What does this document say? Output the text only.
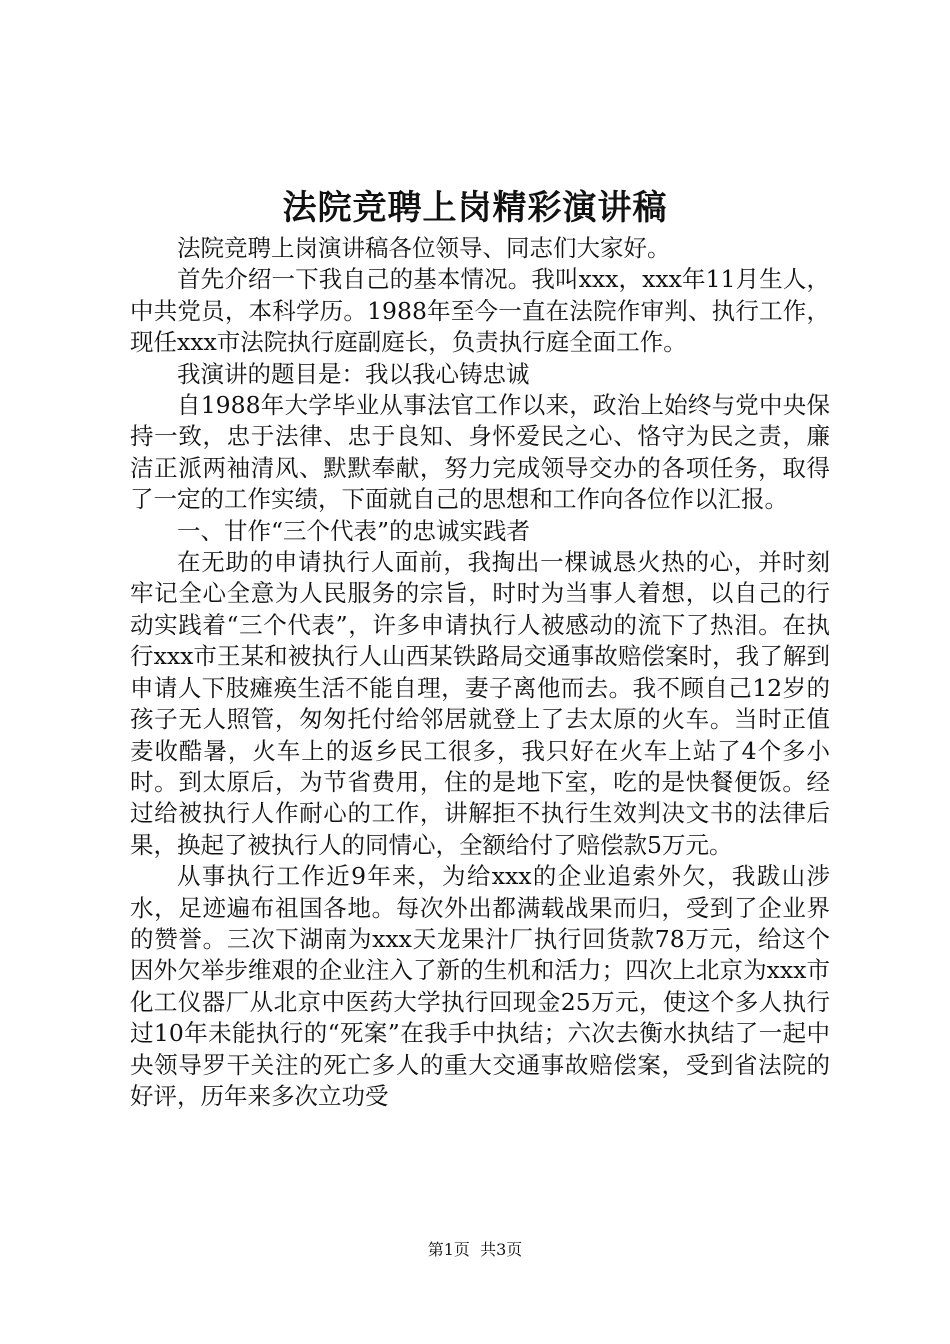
法院竞聘上岗精彩演讲稿

法院竞聘上岗演讲稿各位领导、同志们大家好。

首先介绍一下我自己的基本情况。我叫xxx，xxx年11月生人，中共党员，本科学历。1988年至今一直在法院作审判、执行工作，现任xxx市法院执行庭副庭长，负责执行庭全面工作。

我演讲的题目是：我以我心铸忠诚

自1988年大学毕业从事法官工作以来，政治上始终与党中央保持一致，忠于法律、忠于良知、身怀爱民之心、恪守为民之责，廉洁正派两袖清风、默默奉献，努力完成领导交办的各项任务，取得了一定的工作实绩，下面就自己的思想和工作向各位作以汇报。

一、甘作“三个代表”的忠诚实践者

在无助的申请执行人面前，我掏出一棵诚恳火热的心，并时刻牢记全心全意为人民服务的宗旨，时时为当事人着想，以自己的行动实践着“三个代表”，许多申请执行人被感动的流下了热泪。在执行xxx市王某和被执行人山西某铁路局交通事故赔偿案时，我了解到申请人下肢瘫痪生活不能自理，妻子离他而去。我不顾自己12岁的孩子无人照管，匆匆托付给邻居就登上了去太原的火车。当时正值麦收酷暑，火车上的返乡民工很多，我只好在火车上站了4个多小时。到太原后，为节省费用，住的是地下室，吃的是快餐便饭。经过给被执行人作耐心的工作，讲解拒不执行生效判决文书的法律后果，换起了被执行人的同情心，全额给付了赔偿款5万元。

从事执行工作近9年来，为给xxx的企业追索外欠，我跋山涉水，足迹遍布祖国各地。每次外出都满载战果而归，受到了企业界的赞誉。三次下湖南为xxx天龙果汁厂执行回货款78万元，给这个因外欠举步维艰的企业注入了新的生机和活力；四次上北京为xxx市化工仪器厂从北京中医药大学执行回现金25万元，使这个多人执行过10年未能执行的“死案”在我手中执结；六次去衡水执结了一起中央领导罗干关注的死亡多人的重大交通事故赔偿案，受到省法院的好评，历年来多次立功受

第1页 共3页
